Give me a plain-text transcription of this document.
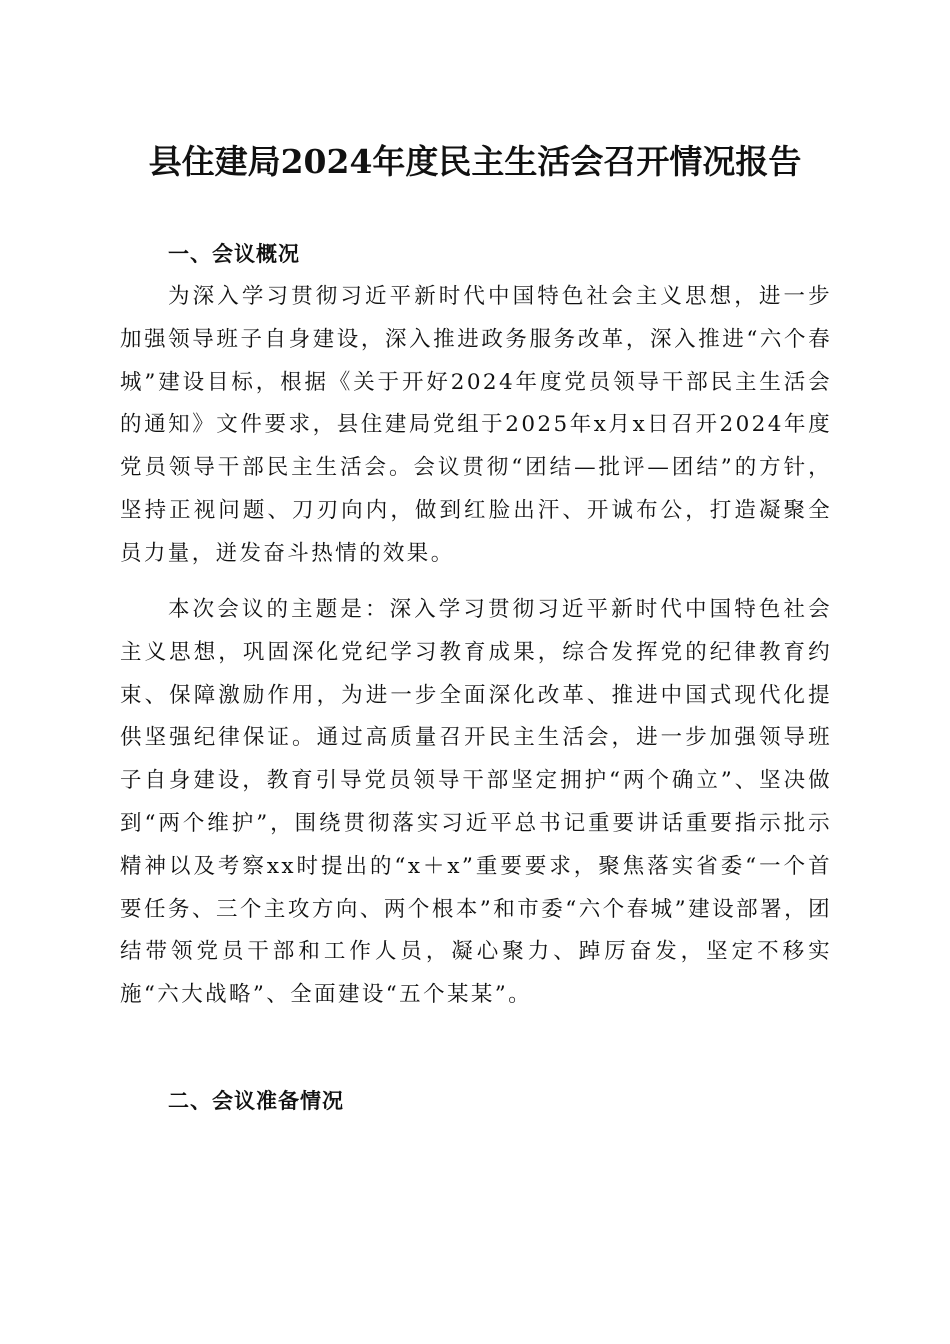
县住建局2024年度民主生活会召开情况报告

一、会议概况

为深入学习贯彻习近平新时代中国特色社会主义思想，进一步加强领导班子自身建设，深入推进政务服务改革，深入推进“六个春城”建设目标，根据《关于开好2024年度党员领导干部民主生活会的通知》文件要求，县住建局党组于2025年x月x日召开2024年度党员领导干部民主生活会。会议贯彻“团结—批评—团结”的方针，坚持正视问题、刀刃向内，做到红脸出汗、开诚布公，打造凝聚全员力量，迸发奋斗热情的效果。

本次会议的主题是：深入学习贯彻习近平新时代中国特色社会主义思想，巩固深化党纪学习教育成果，综合发挥党的纪律教育约束、保障激励作用，为进一步全面深化改革、推进中国式现代化提供坚强纪律保证。通过高质量召开民主生活会，进一步加强领导班子自身建设，教育引导党员领导干部坚定拥护“两个确立”、坚决做到“两个维护”，围绕贯彻落实习近平总书记重要讲话重要指示批示精神以及考察xx时提出的“x＋x”重要要求，聚焦落实省委“一个首要任务、三个主攻方向、两个根本”和市委“六个春城”建设部署，团结带领党员干部和工作人员，凝心聚力、踔厉奋发，坚定不移实施“六大战略”、全面建设“五个某某”。

二、会议准备情况
